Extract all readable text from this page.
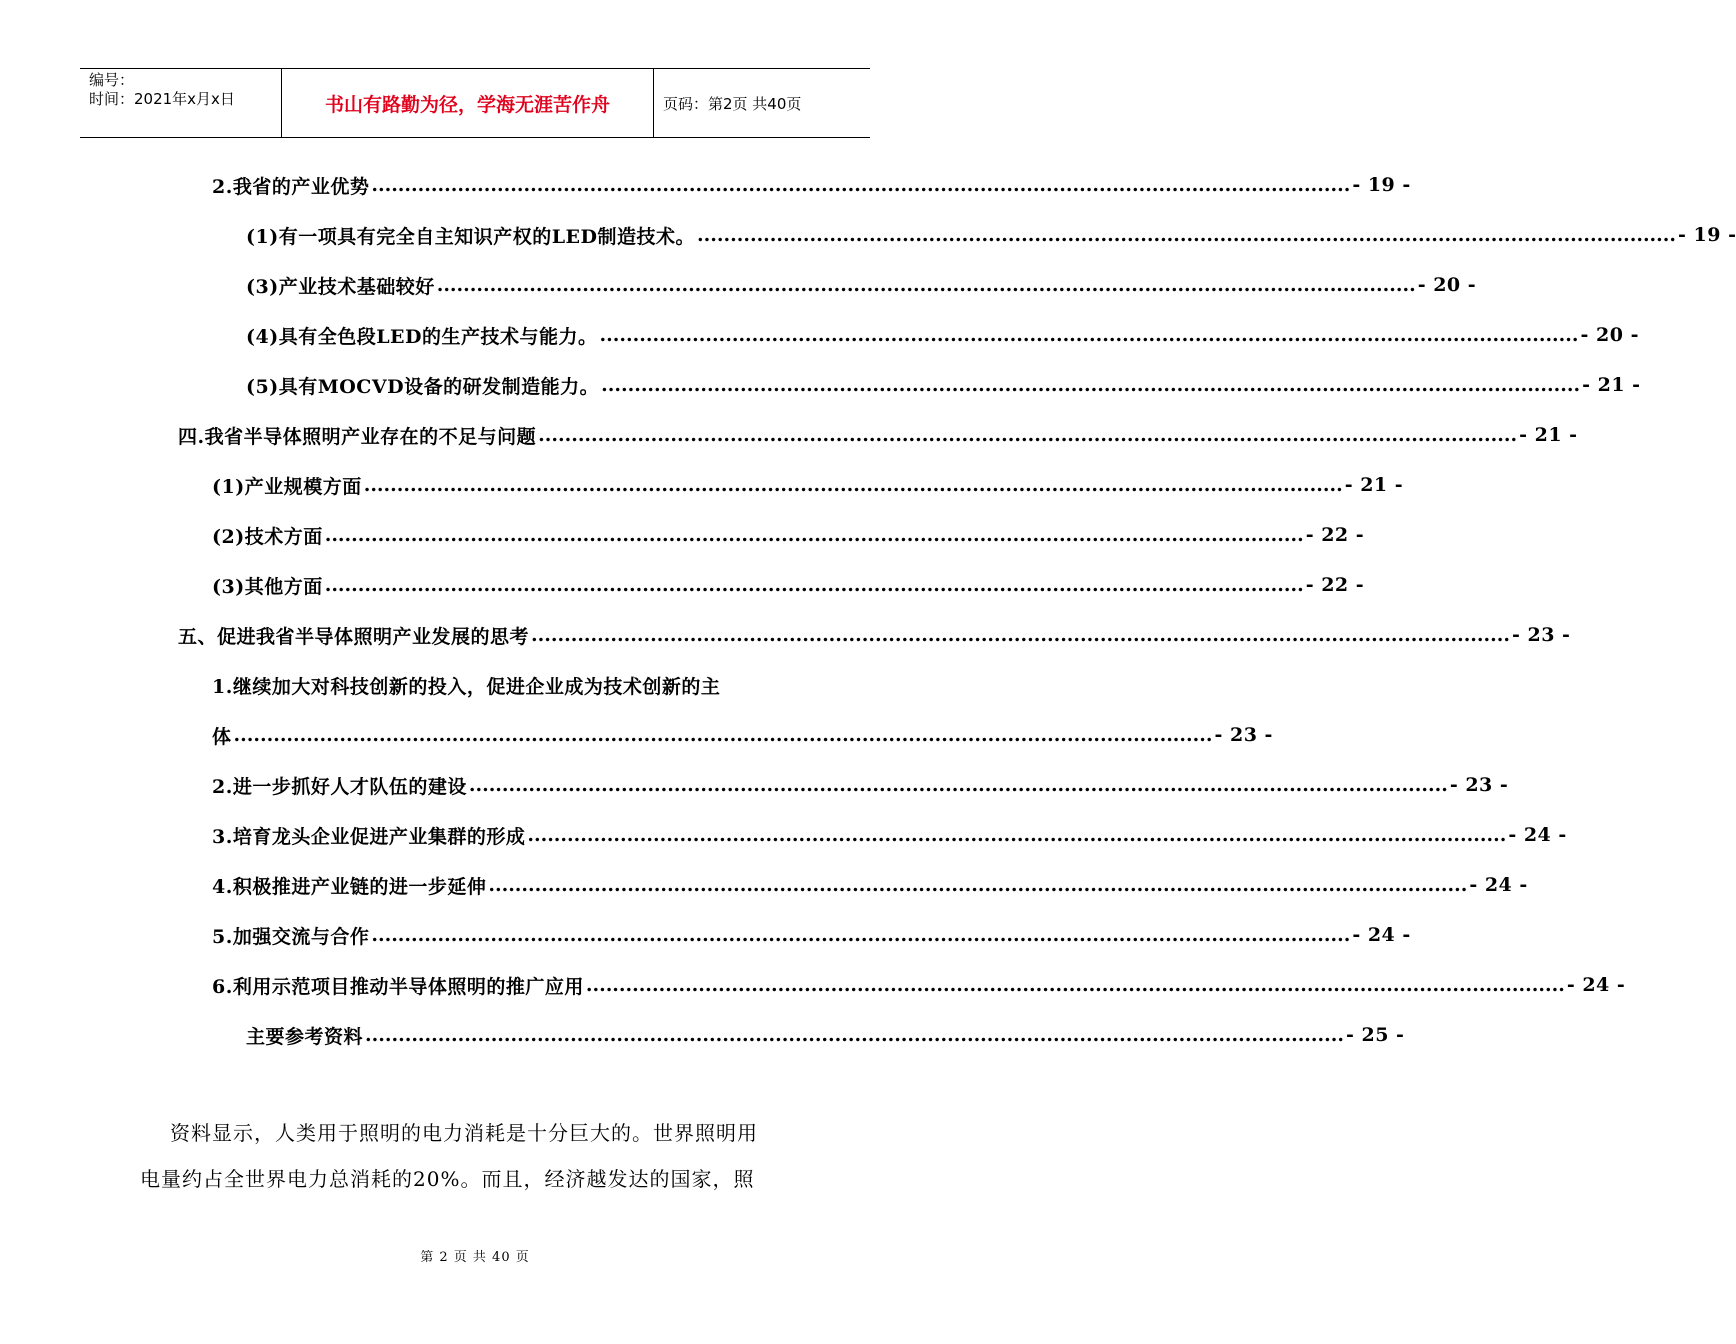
编号：
时间：2021年x月x日	书山有路勤为径，学海无涯苦作舟	页码：第2页 共40页
2.我省的产业优势 .................................................................................................................................................... - 19 -
(1)有一项具有完全自主知识产权的LED制造技术。 .................................................................................................................................................... - 19 -
(3)产业技术基础较好 .................................................................................................................................................... - 20 -
(4)具有全色段LED的生产技术与能力。 .................................................................................................................................................... - 20 -
(5)具有MOCVD设备的研发制造能力。 .................................................................................................................................................... - 21 -
四.我省半导体照明产业存在的不足与问题 .................................................................................................................................................... - 21 -
(1)产业规模方面 .................................................................................................................................................... - 21 -
(2)技术方面 .................................................................................................................................................... - 22 -
(3)其他方面 .................................................................................................................................................... - 22 -
五、促进我省半导体照明产业发展的思考 .................................................................................................................................................... - 23 -
1.继续加大对科技创新的投入，促进企业成为技术创新的主
体 .................................................................................................................................................... - 23 -
2.进一步抓好人才队伍的建设 .................................................................................................................................................... - 23 -
3.培育龙头企业促进产业集群的形成 .................................................................................................................................................... - 24 -
4.积极推进产业链的进一步延伸 .................................................................................................................................................... - 24 -
5.加强交流与合作 .................................................................................................................................................... - 24 -
6.利用示范项目推动半导体照明的推广应用 .................................................................................................................................................... - 24 -
主要参考资料 .................................................................................................................................................... - 25 -

资料显示，人类用于照明的电力消耗是十分巨大的。世界照明用

电量约占全世界电力总消耗的20%。而且，经济越发达的国家，照

第 2 页 共 40 页
